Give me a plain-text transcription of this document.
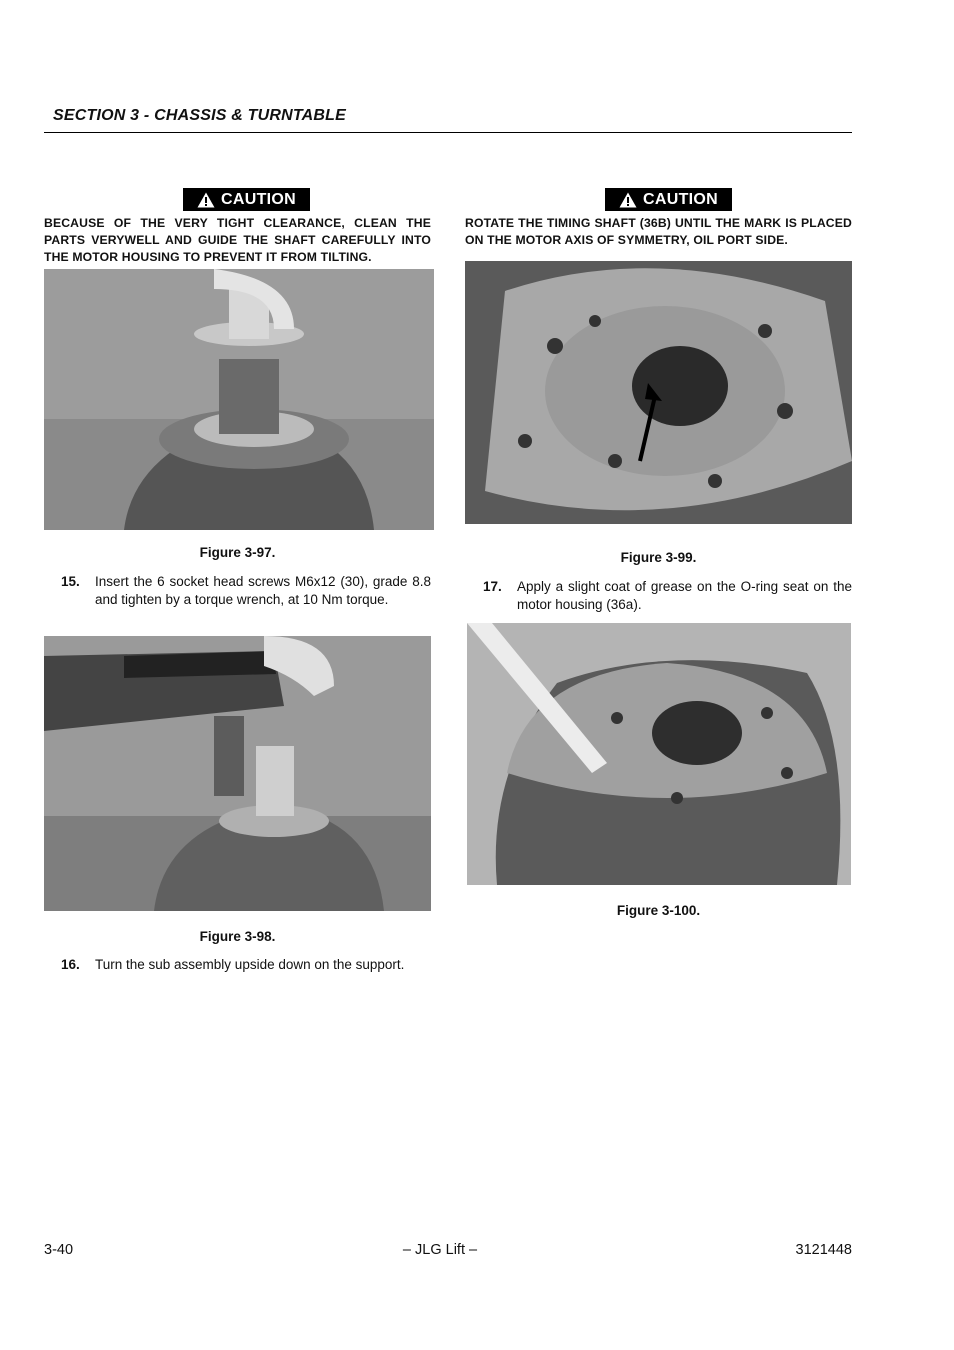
SECTION 3 - CHASSIS & TURNTABLE
CAUTION
BECAUSE OF THE VERY TIGHT CLEARANCE, CLEAN THE PARTS VERYWELL AND GUIDE THE SHAFT CAREFULLY INTO THE MOTOR HOUSING TO PREVENT IT FROM TILTING.
Figure 3-97.
15.	Insert the 6 socket head screws M6x12 (30), grade 8.8 and tighten by a torque wrench, at 10 Nm torque.
Figure 3-98.
16.	Turn the sub assembly upside down on the support.
CAUTION
ROTATE THE TIMING SHAFT (36B) UNTIL THE MARK IS PLACED ON THE MOTOR AXIS OF SYMMETRY, OIL PORT SIDE.
Figure 3-99.
17.	Apply a slight coat of grease on the O-ring seat on the motor housing (36a).
Figure 3-100.
3-40	– JLG Lift –	3121448
